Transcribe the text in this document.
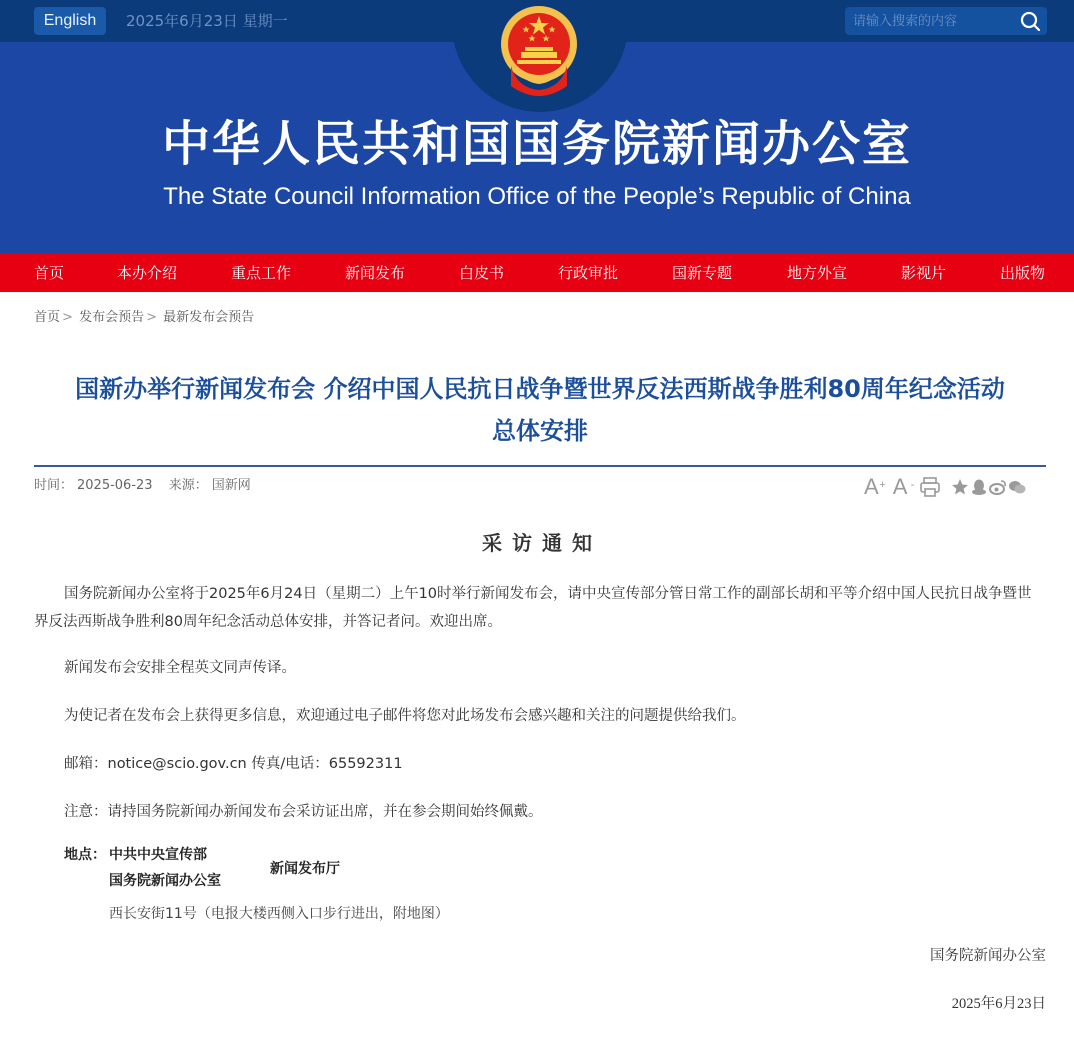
English	2025年6月23日 星期一
请输入搜索的内容
中华人民共和国国务院新闻办公室
The State Council Information Office of the People’s Republic of China
首页	本办介绍	重点工作	新闻发布	白皮书	行政审批	国新专题	地方外宣	影视片	出版物
首页 > 发布会预告 > 最新发布会预告
国新办举行新闻发布会 介绍中国人民抗日战争暨世界反法西斯战争胜利80周年纪念活动
总体安排
时间： 2025-06-23 来源： 国新网	A + A -
采访通知

国务院新闻办公室将于2025年6月24日（星期二）上午10时举行新闻发布会，请中央宣传部分管日常工作的副部长胡和平等介绍中国人民抗日战争暨世界反法西斯战争胜利80周年纪念活动总体安排，并答记者问。欢迎出席。

新闻发布会安排全程英文同声传译。

为使记者在发布会上获得更多信息，欢迎通过电子邮件将您对此场发布会感兴趣和关注的问题提供给我们。

邮箱：notice@scio.gov.cn 传真/电话：65592311

注意：请持国务院新闻办新闻发布会采访证出席，并在参会期间始终佩戴。

地点： 中共中央宣传部
国务院新闻办公室
新闻发布厅
西长安街11号（电报大楼西侧入口步行进出，附地图）
国务院新闻办公室
2025年6月23日
